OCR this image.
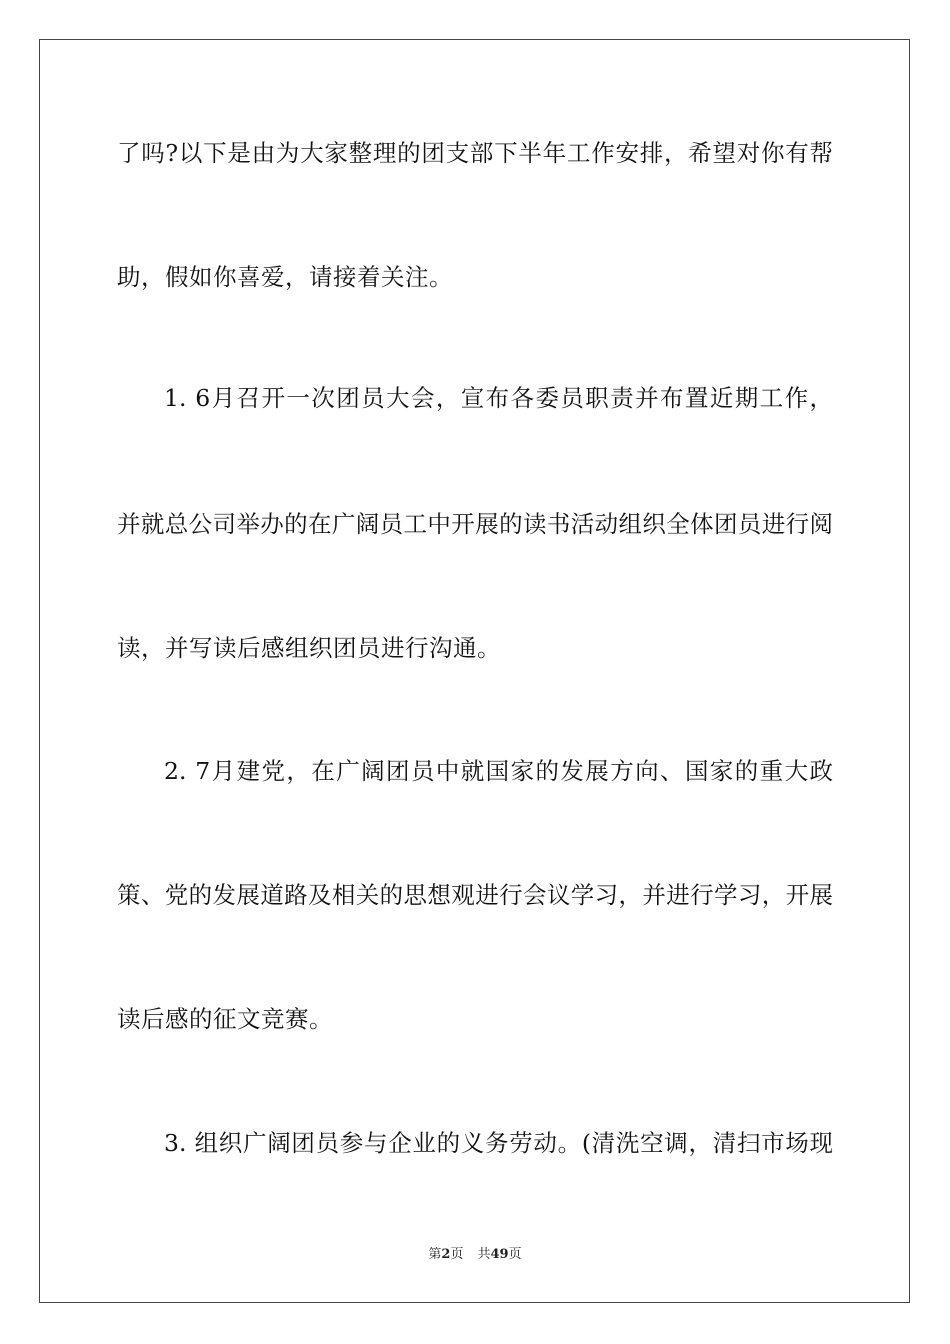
了吗?以下是由为大家整理的团支部下半年工作安排，希望对你有帮
助，假如你喜爱，请接着关注。
1. 6月召开一次团员大会，宣布各委员职责并布置近期工作，
并就总公司举办的在广阔员工中开展的读书活动组织全体团员进行阅
读，并写读后感组织团员进行沟通。
2. 7月建党，在广阔团员中就国家的发展方向、国家的重大政
策、党的发展道路及相关的思想观进行会议学习，并进行学习，开展
读后感的征文竞赛。
3. 组织广阔团员参与企业的义务劳动。(清洗空调，清扫市场现
第2页 共49页
